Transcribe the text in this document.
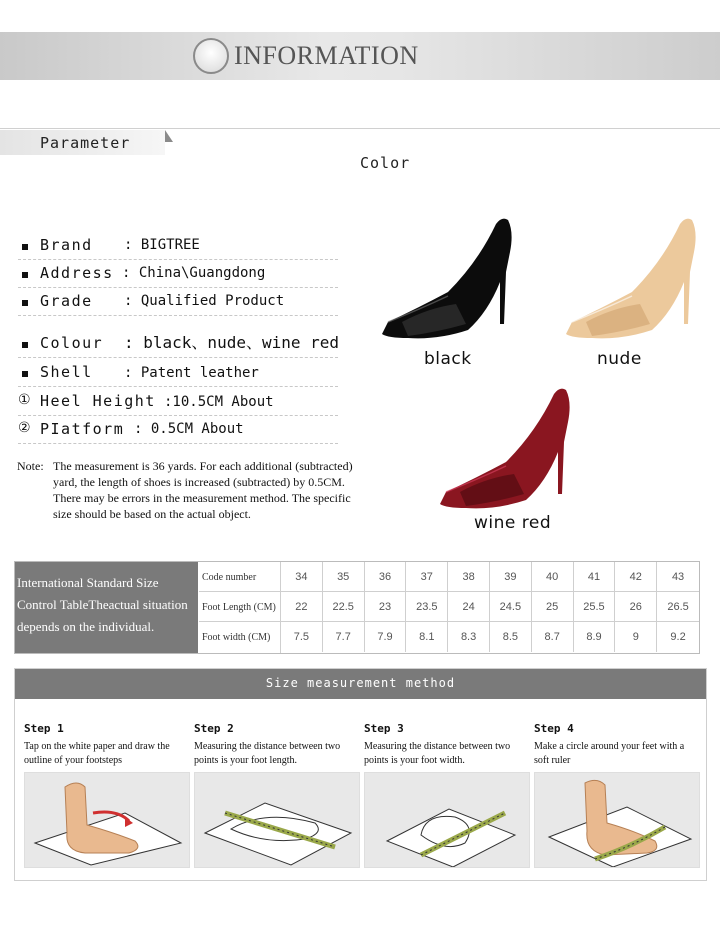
INFORMATION
Parameter
Color
Brand : BIGTREE
Address : China\Guangdong
Grade : Qualified Product
Colour : black、nude、wine red
Shell : Patent leather
① Heel Height :10.5CM About
② PIatform : 0.5CM About
Note: The measurement is 36 yards. For each additional (subtracted) yard, the length of shoes is increased (subtracted) by 0.5CM. There may be errors in the measurement method. The specific size should be based on the actual object.
black	nude
wine red
International Standard Size Control TableTheactual situation depends on the individual.
Code number	34	35	36	37	38	39	40	41	42	43
Foot Length (CM)	22	22.5	23	23.5	24	24.5	25	25.5	26	26.5
Foot width (CM)	7.5	7.7	7.9	8.1	8.3	8.5	8.7	8.9	9	9.2
Size measurement method
Step 1
Tap on the white paper and draw the outline of your footsteps
Step 2
Measuring the distance between two points is your foot length.
Step 3
Measuring the distance between two points is your foot width.
Step 4
Make a circle around your feet with a soft ruler
